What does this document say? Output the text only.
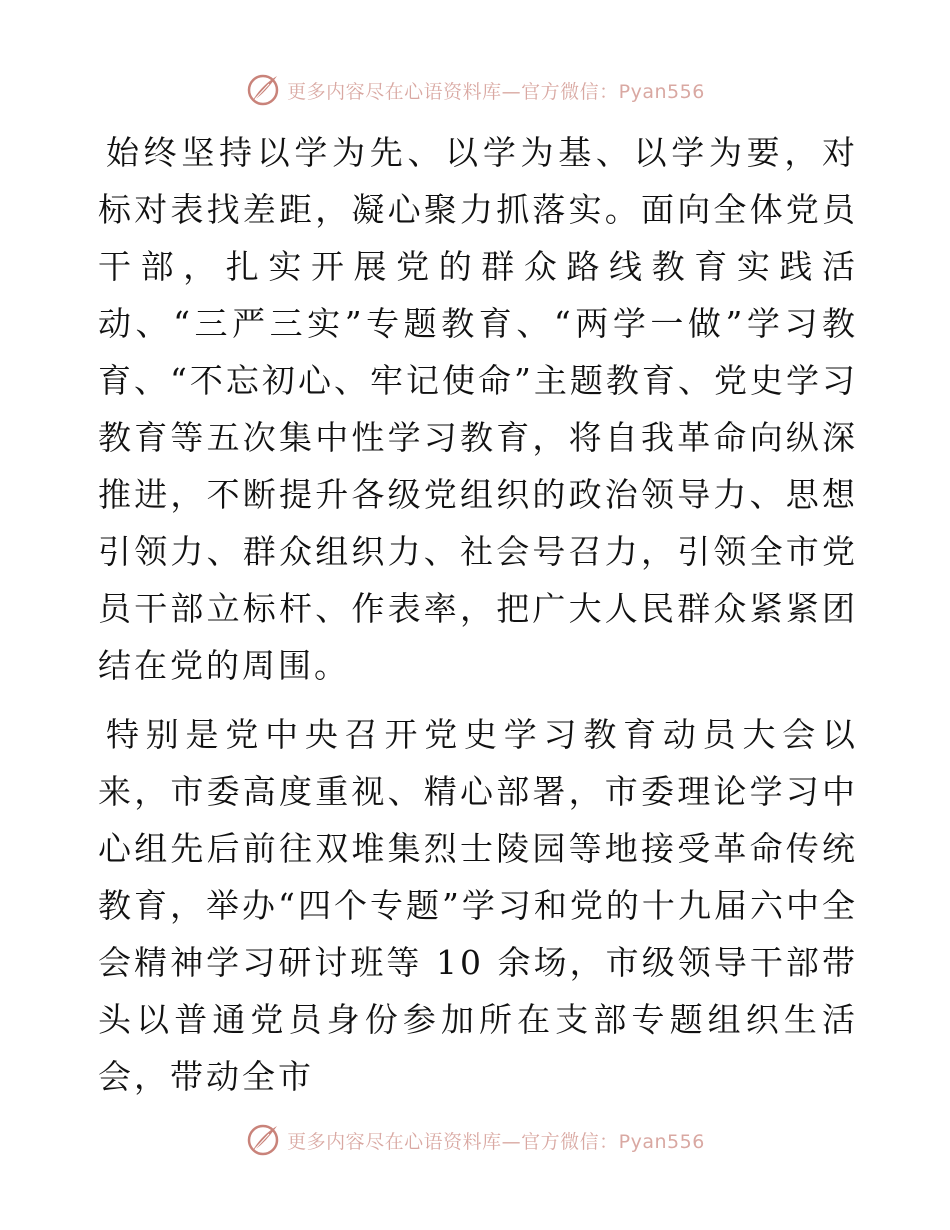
更多内容尽在心语资料库—官方微信：Pyan556

始终坚持以学为先、以学为基、以学为要，对标对表找差距，凝心聚力抓落实。面向全体党员干部，扎实开展党的群众路线教育实践活动、“三严三实”专题教育、“两学一做”学习教育、“不忘初心、牢记使命”主题教育、党史学习教育等五次集中性学习教育，将自我革命向纵深推进，不断提升各级党组织的政治领导力、思想引领力、群众组织力、社会号召力，引领全市党员干部立标杆、作表率，把广大人民群众紧紧团结在党的周围。

特别是党中央召开党史学习教育动员大会以来，市委高度重视、精心部署，市委理论学习中心组先后前往双堆集烈士陵园等地接受革命传统教育，举办“四个专题”学习和党的十九届六中全会精神学习研讨班等 10 余场，市级领导干部带头以普通党员身份参加所在支部专题组织生活会，带动全市

更多内容尽在心语资料库—官方微信：Pyan556
